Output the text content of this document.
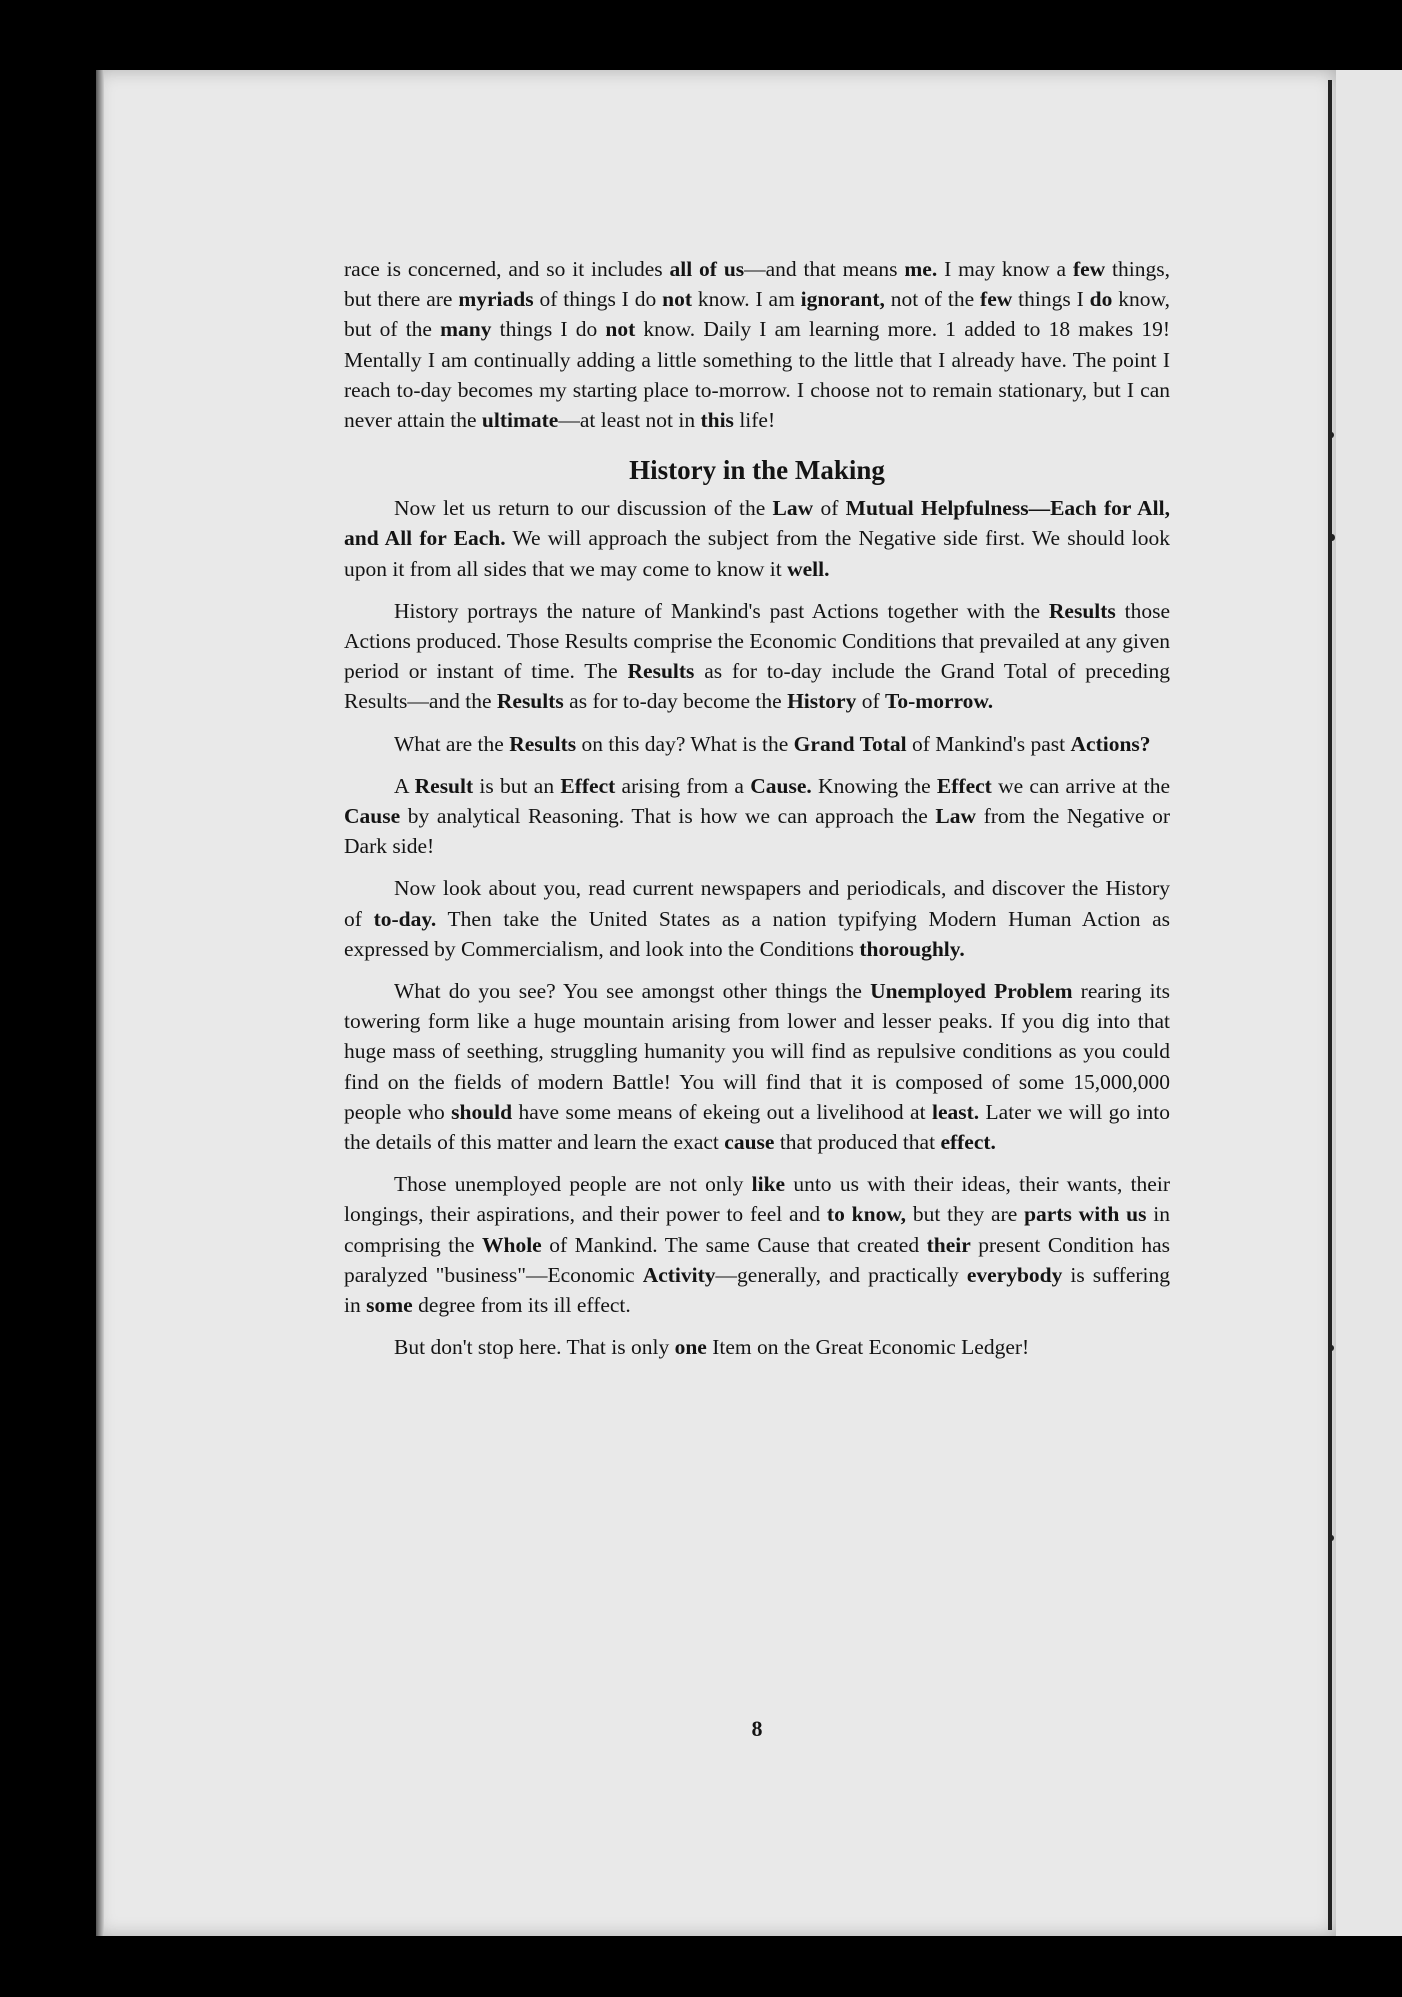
race is concerned, and so it includes all of us—and that means me. I may know a few things, but there are myriads of things I do not know. I am ignorant, not of the few things I do know, but of the many things I do not know. Daily I am learning more. 1 added to 18 makes 19! Mentally I am continually adding a little something to the little that I already have. The point I reach to-day becomes my starting place to-morrow. I choose not to remain stationary, but I can never attain the ultimate—at least not in this life!

History in the Making

Now let us return to our discussion of the Law of Mutual Helpfulness—Each for All, and All for Each. We will approach the subject from the Negative side first. We should look upon it from all sides that we may come to know it well.

History portrays the nature of Mankind's past Actions together with the Results those Actions produced. Those Results comprise the Economic Conditions that prevailed at any given period or instant of time. The Results as for to-day include the Grand Total of preceding Results—and the Results as for to-day become the History of To-morrow.

What are the Results on this day? What is the Grand Total of Mankind's past Actions?

A Result is but an Effect arising from a Cause. Knowing the Effect we can arrive at the Cause by analytical Reasoning. That is how we can approach the Law from the Negative or Dark side!

Now look about you, read current newspapers and periodicals, and discover the History of to-day. Then take the United States as a nation typifying Modern Human Action as expressed by Commercialism, and look into the Conditions thoroughly.

What do you see? You see amongst other things the Unemployed Problem rearing its towering form like a huge mountain arising from lower and lesser peaks. If you dig into that huge mass of seething, struggling humanity you will find as repulsive conditions as you could find on the fields of modern Battle! You will find that it is composed of some 15,000,000 people who should have some means of ekeing out a livelihood at least. Later we will go into the details of this matter and learn the exact cause that produced that effect.

Those unemployed people are not only like unto us with their ideas, their wants, their longings, their aspirations, and their power to feel and to know, but they are parts with us in comprising the Whole of Mankind. The same Cause that created their present Condition has paralyzed "business"—Economic Activity—generally, and practically everybody is suffering in some degree from its ill effect.

But don't stop here. That is only one Item on the Great Economic Ledger!

8
